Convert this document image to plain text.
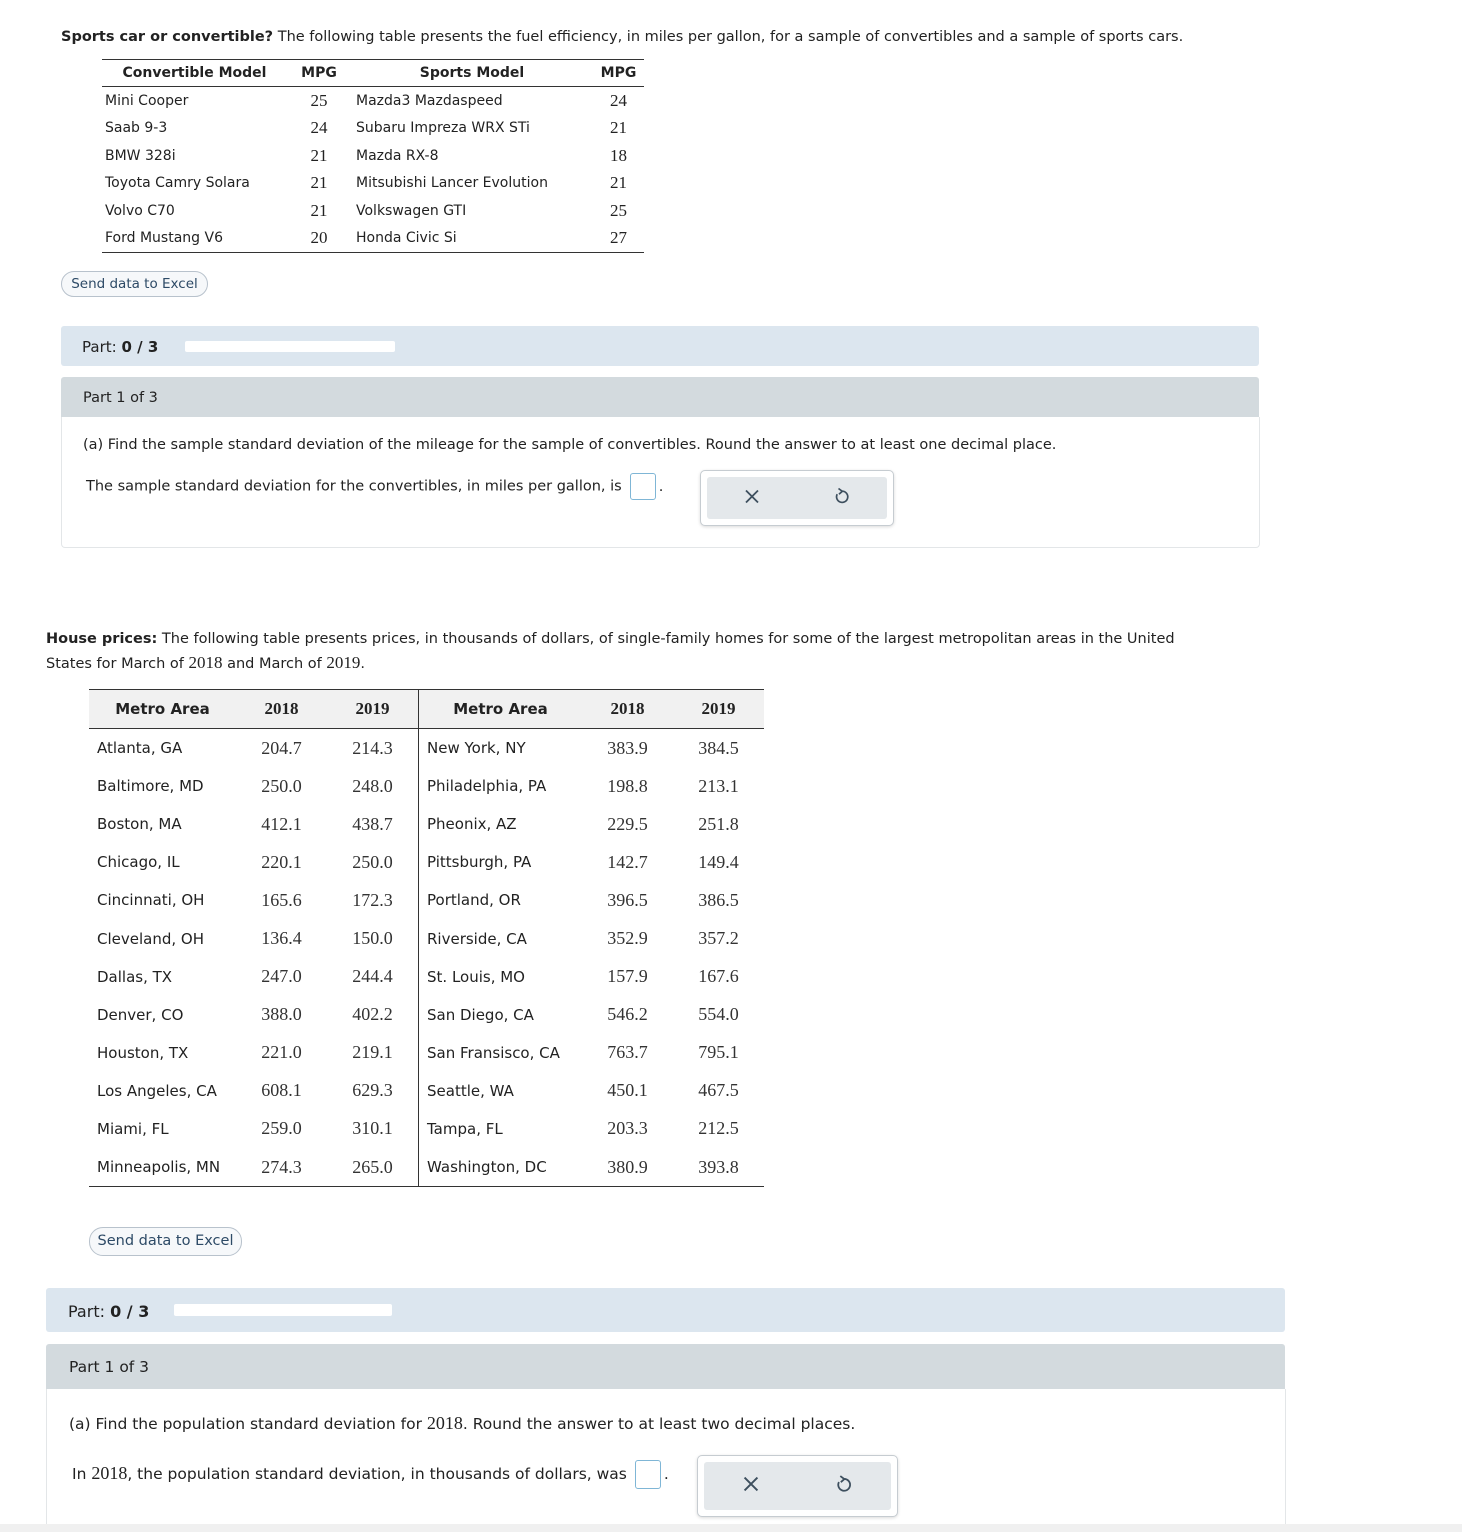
Sports car or convertible? The following table presents the fuel efficiency, in miles per gallon, for a sample of convertibles and a sample of sports cars.
Convertible Model	MPG	Sports Model	MPG
Mini Cooper	25	Mazda3 Mazdaspeed	24
Saab 9-3	24	Subaru Impreza WRX STi	21
BMW 328i	21	Mazda RX-8	18
Toyota Camry Solara	21	Mitsubishi Lancer Evolution	21
Volvo C70	21	Volkswagen GTI	25
Ford Mustang V6	20	Honda Civic Si	27
Send data to Excel
Part: 0 / 3
Part 1 of 3
(a) Find the sample standard deviation of the mileage for the sample of convertibles. Round the answer to at least one decimal place.
The sample standard deviation for the convertibles, in miles per gallon, is	.
House prices: The following table presents prices, in thousands of dollars, of single-family homes for some of the largest metropolitan areas in the United
States for March of 2018 and March of 2019.
Metro Area	2018	2019	Metro Area	2018	2019
Atlanta, GA	204.7	214.3	New York, NY	383.9	384.5
Baltimore, MD	250.0	248.0	Philadelphia, PA	198.8	213.1
Boston, MA	412.1	438.7	Pheonix, AZ	229.5	251.8
Chicago, IL	220.1	250.0	Pittsburgh, PA	142.7	149.4
Cincinnati, OH	165.6	172.3	Portland, OR	396.5	386.5
Cleveland, OH	136.4	150.0	Riverside, CA	352.9	357.2
Dallas, TX	247.0	244.4	St. Louis, MO	157.9	167.6
Denver, CO	388.0	402.2	San Diego, CA	546.2	554.0
Houston, TX	221.0	219.1	San Fransisco, CA	763.7	795.1
Los Angeles, CA	608.1	629.3	Seattle, WA	450.1	467.5
Miami, FL	259.0	310.1	Tampa, FL	203.3	212.5
Minneapolis, MN	274.3	265.0	Washington, DC	380.9	393.8
Send data to Excel
Part: 0 / 3
Part 1 of 3
(a) Find the population standard deviation for 2018. Round the answer to at least two decimal places.
In 2018, the population standard deviation, in thousands of dollars, was .
